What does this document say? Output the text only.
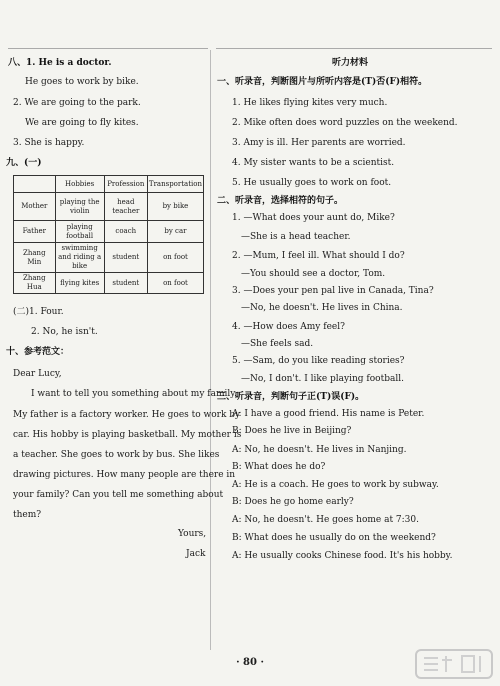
八、1. He is a doctor.
He goes to work by bike.
2. We are going to the park.
We are going to fly kites.
3. She is happy.
九、(一)
	Hobbies	Profession	Transportation
Mother	playing the violin	head teacher	by bike
Father	playing football	coach	by car
Zhang Min	swimming and riding a bike	student	on foot
Zhang Hua	flying kites	student	on foot
(二)1. Four.
2. No, he isn't.
十、参考范文：
Dear Lucy,
I want to tell you something about my family.
My father is a factory worker. He goes to work by
car. His hobby is playing basketball. My mother is
a teacher. She goes to work by bus. She likes
drawing pictures. How many people are there in
your family? Can you tell me something about
them?
Yours,
Jack
听力材料
一、听录音，判断图片与所听内容是(T)否(F)相符。
1. He likes flying kites very much.
2. Mike often does word puzzles on the weekend.
3. Amy is ill. Her parents are worried.
4. My sister wants to be a scientist.
5. He usually goes to work on foot.
二、听录音，选择相符的句子。
1. —What does your aunt do, Mike?
—She is a head teacher.
2. —Mum, I feel ill. What should I do?
—You should see a doctor, Tom.
3. —Does your pen pal live in Canada, Tina?
—No, he doesn't. He lives in China.
4. —How does Amy feel?
—She feels sad.
5. —Sam, do you like reading stories?
—No, I don't. I like playing football.
三、听录音，判断句子正(T)误(F)。
A: I have a good friend. His name is Peter.
B: Does he live in Beijing?
A: No, he doesn't. He lives in Nanjing.
B: What does he do?
A: He is a coach. He goes to work by subway.
B: Does he go home early?
A: No, he doesn't. He goes home at 7:30.
B: What does he usually do on the weekend?
A: He usually cooks Chinese food. It's his hobby.
· 80 ·
